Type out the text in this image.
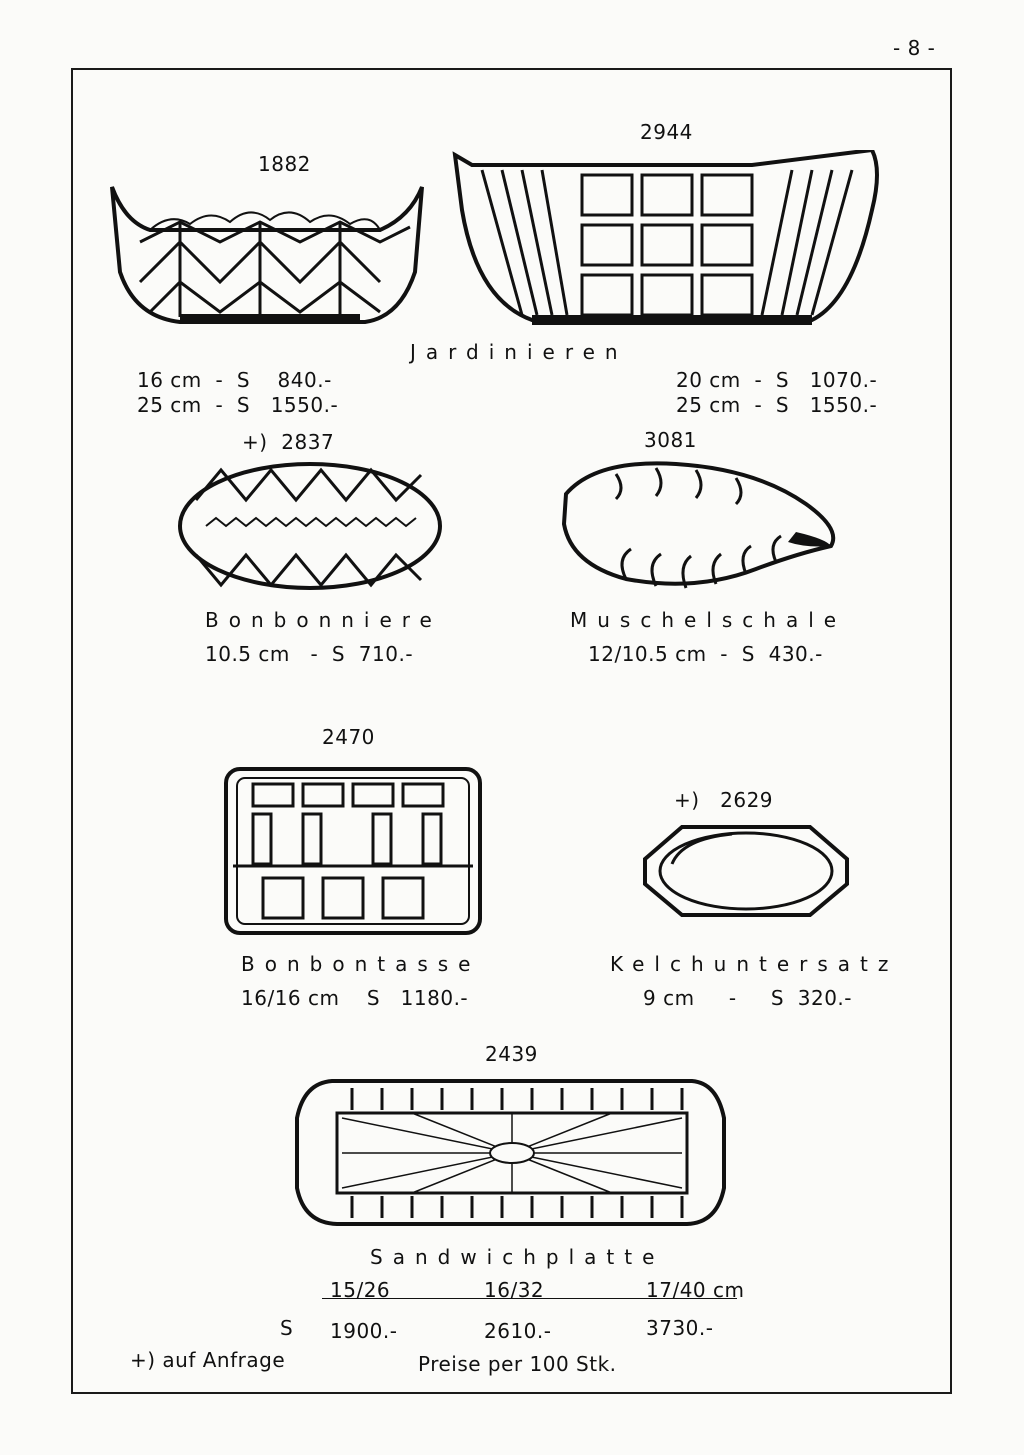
- 8 -
1882
2944
Jardinieren
16 cm  -  S    840.-
25 cm  -  S   1550.-
20 cm  -  S   1070.-
25 cm  -  S   1550.-
+)  2837
Bonbonniere
10.5 cm   -  S  710.-
3081
Muschelschale
12/10.5 cm  -  S  430.-
2470
Bonbontasse
16/16 cm    S   1180.-
+)   2629
Kelchuntersatz
9 cm     -     S  320.-
2439
Sandwichplatte
15/26	16/32	17/40 cm
S 1900.-	2610.-	3730.-
+) auf Anfrage	Preise per 100 Stk.
